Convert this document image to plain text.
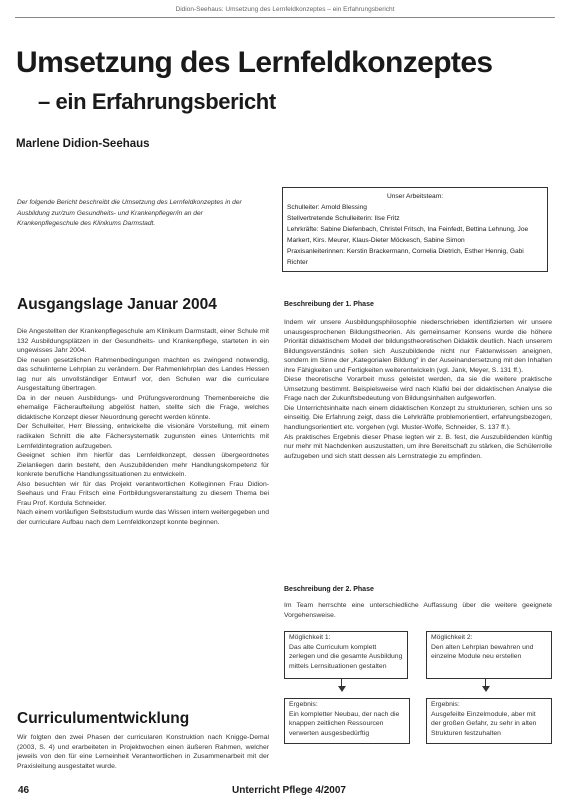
Didion-Seehaus: Umsetzung des Lernfeldkonzeptes – ein Erfahrungsbericht
Umsetzung des Lernfeldkonzeptes
– ein Erfahrungsbericht
Marlene Didion-Seehaus
Der folgende Bericht beschreibt die Umsetzung des Lernfeldkonzeptes in der Ausbildung zur/zum Gesundheits- und Krankenpfleger/in an der Krankenpflegeschule des Klinikums Darmstadt.
Unser Arbeitsteam:
Schulleiter: Arnold Blessing
Stellvertretende Schulleiterin: Ilse Fritz
Lehrkräfte: Sabine Diefenbach, Christel Fritsch, Ina Feinfedt, Bettina Lehnung, Joe Markert, Kirs. Meurer, Klaus-Dieter Möckesch, Sabine Simon
Praxisanleiterinnen: Kerstin Brackermann, Cornelia Dietrich, Esther Hennig, Gabi Richter
Ausgangslage Januar 2004

Die Angestellten der Krankenpflegeschule am Klinikum Darmstadt, einer Schule mit 132 Ausbildungsplätzen in der Gesundheits- und Krankenpflege, starteten in ein ungewisses Jahr 2004.

Die neuen gesetzlichen Rahmenbedingungen machten es zwingend notwendig, das schulinterne Lehrplan zu verändern. Der Rahmenlehrplan des Landes Hessen lag nur als unvollständiger Entwurf vor, den Schulen war die curriculare Ausgestaltung übertragen.

Da in der neuen Ausbildungs- und Prüfungsverordnung Themenbereiche die ehemalige Fächeraufteilung abgelöst hatten, stellte sich die Frage, welches didaktische Konzept dieser Neuordnung gerecht werden könnte.

Der Schulleiter, Herr Blessing, entwickelte die visionäre Vorstellung, mit einem radikalen Schnitt die alte Fächersystematik zugunsten eines Unterrichts mit Lernfeldintegration aufzugeben.

Geeignet schien ihm hierfür das Lernfeldkonzept, dessen übergeordnetes Zielanliegen darin besteht, den Auszubildenden mehr Handlungskompetenz für konkrete berufliche Handlungssituationen zu entwickeln.

Also besuchten wir für das Projekt verantwortlichen Kolleginnen Frau Didion-Seehaus und Frau Fritsch eine Fortbildungsveranstaltung zu diesem Thema bei Frau Prof. Kordula Schneider.

Nach einem vorläufigen Selbststudium wurde das Wissen intern weitergegeben und der curriculare Aufbau nach dem Lernfeldkonzept konnte beginnen.

Curriculumentwicklung

Wir folgten den zwei Phasen der curricularen Konstruktion nach Knigge-Demal (2003, S. 4) und erarbeiteten in Projektwochen einen äußeren Rahmen, welcher jeweils von den für eine Lerneinheit Verantwortlichen in Zusammenarbeit mit der Praxisleitung ausgestaltet wurde.

Beschreibung der 1. Phase

Indem wir unsere Ausbildungsphilosophie niederschrieben identifizierten wir unsere unausgesprochenen Bildungstheorien. Als gemeinsamer Konsens wurde die höhere Priorität didaktischem Modell der bildungstheoretischen Didaktik deutlich. Nach unserem Bildungsverständnis sollen sich Auszubildende nicht nur Faktenwissen aneignen, sondern im Sinne der „Kategorialen Bildung“ in der Auseinandersetzung mit den Inhalten ihre Fähigkeiten und Fertigkeiten weiterentwickeln (vgl. Jank, Meyer, S. 131 ff.).

Diese theoretische Vorarbeit muss geleistet werden, da sie die weitere praktische Umsetzung bestimmt. Beispielsweise wird nach Klafki bei der didaktischen Analyse die Frage nach der Zukunftsbedeutung von Bildungsinhalten aufgeworfen.

Die Unterrichtsinhalte nach einem didaktischen Konzept zu strukturieren, schien uns so einseitig. Die Erfahrung zeigt, dass die Lehrkräfte problemorientiert, erfahrungsbezogen, handlungsorientiert etc. vorgehen (vgl. Muster-Wolfe, Schneider, S. 137 ff.).

Als praktisches Ergebnis dieser Phase legten wir z. B. fest, die Auszubildenden künftig nur mehr mit Nachdenken auszustatten, um ihre Bereitschaft zu stärken, die Schülerrolle aufzugeben und sich statt dessen als Lernstrategie zu empfinden.

Beschreibung der 2. Phase

Im Team herrschte eine unterschiedliche Auffassung über die weitere geeignete Vorgehensweise.

Möglichkeit 1:
Das alte Curriculum komplett zerlegen und die gesamte Ausbildung mittels Lernsituationen gestalten
Möglichkeit 2:
Den alten Lehrplan bewahren und einzelne Module neu erstellen
Ergebnis:
Ein kompletter Neubau, der nach die knappen zeitlichen Ressourcen verwerten ausgesbedürftig
Ergebnis:
Ausgefeilte Einzelmodule, aber mit der großen Gefahr, zu sehr in alten Strukturen festzuhalten
46	Unterricht Pflege 4/2007
